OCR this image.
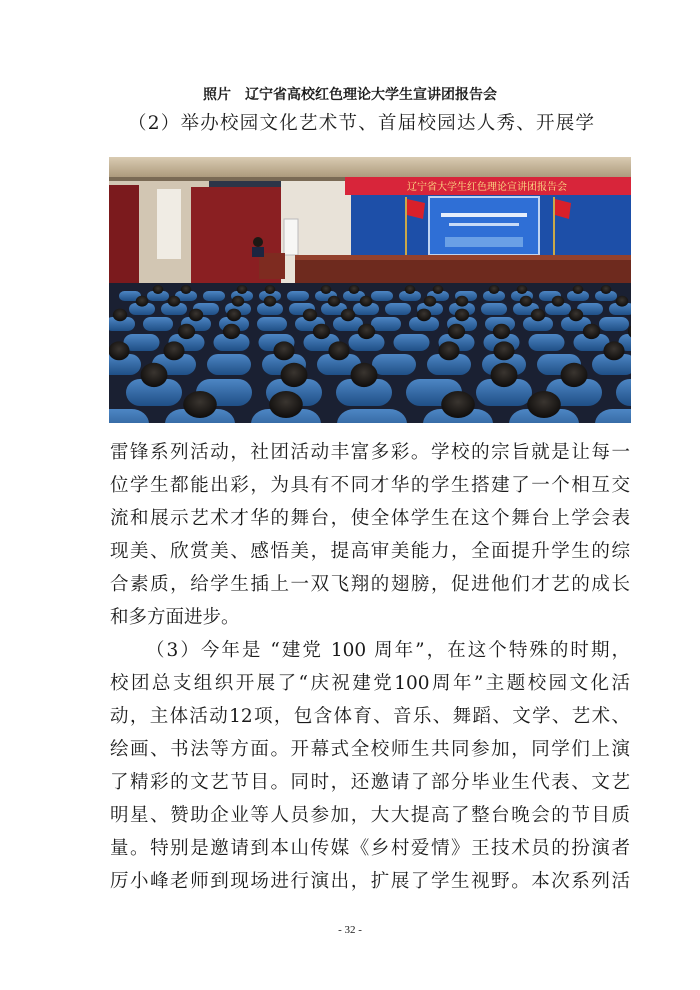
照片　辽宁省高校红色理论大学生宣讲团报告会
（2）举办校园文化艺术节、首届校园达人秀、开展学
辽宁省大学生红色理论宣讲团报告会
雷锋系列活动，社团活动丰富多彩。学校的宗旨就是让每一
位学生都能出彩，为具有不同才华的学生搭建了一个相互交
流和展示艺术才华的舞台，使全体学生在这个舞台上学会表
现美、欣赏美、感悟美，提高审美能力，全面提升学生的综
合素质，给学生插上一双飞翔的翅膀，促进他们才艺的成长
和多方面进步。
（3）今年是 “建党 100 周年”，在这个特殊的时期，
校团总支组织开展了“庆祝建党100周年”主题校园文化活
动，主体活动12项，包含体育、音乐、舞蹈、文学、艺术、
绘画、书法等方面。开幕式全校师生共同参加，同学们上演
了精彩的文艺节目。同时，还邀请了部分毕业生代表、文艺
明星、赞助企业等人员参加，大大提高了整台晚会的节目质
量。特别是邀请到本山传媒《乡村爱情》王技术员的扮演者
厉小峰老师到现场进行演出，扩展了学生视野。本次系列活
- 32 -
